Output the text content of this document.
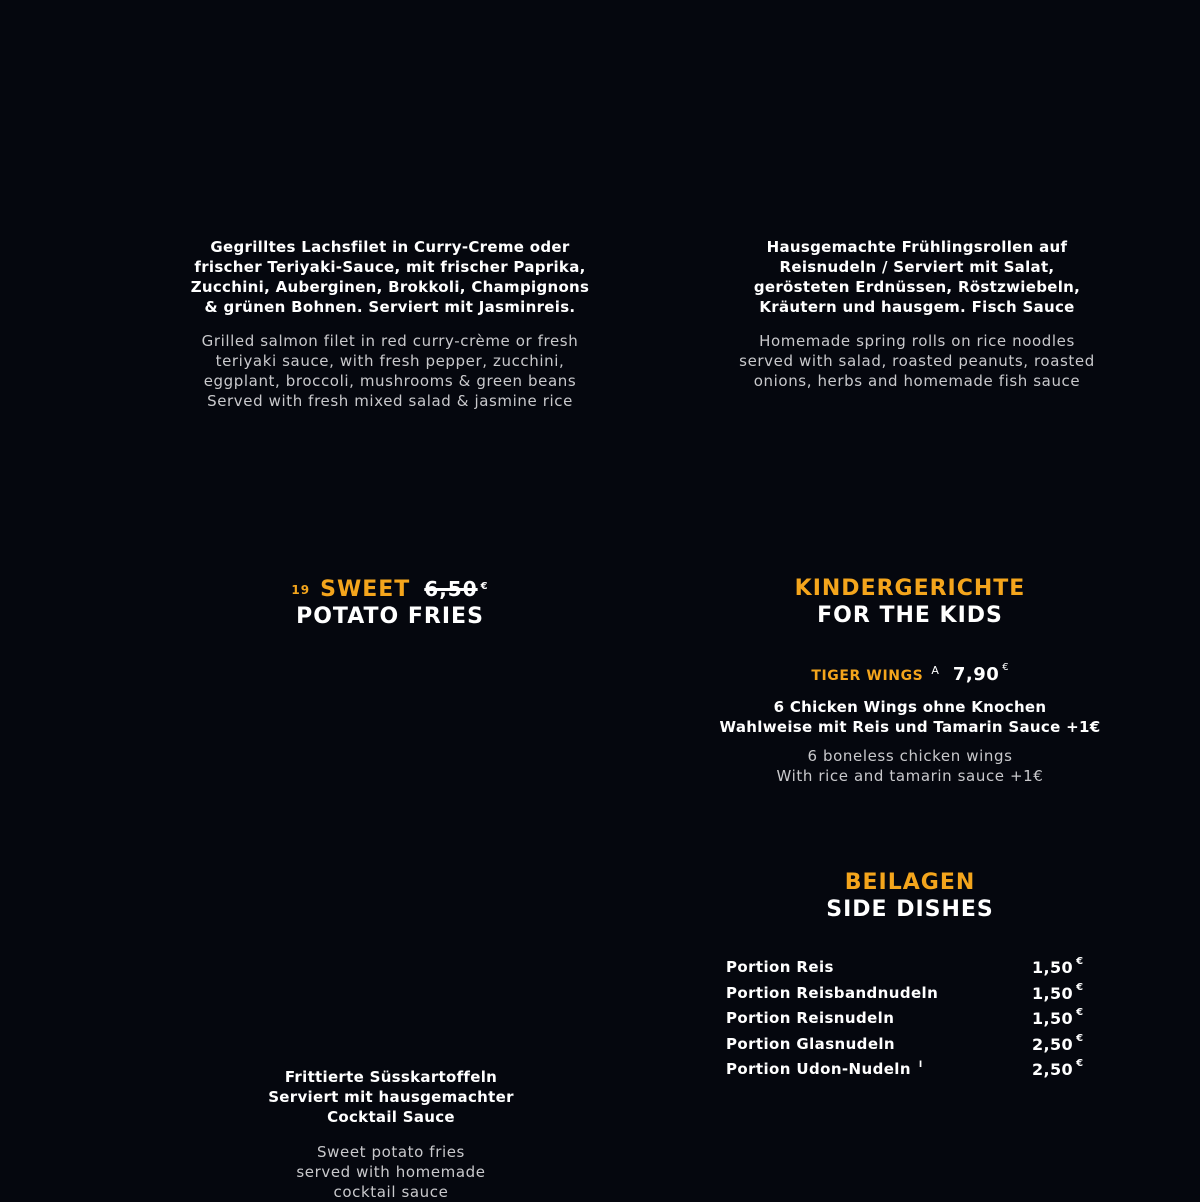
Gegrilltes Lachsfilet in Curry-Creme oder
frischer Teriyaki-Sauce, mit frischer Paprika,
Zucchini, Auberginen, Brokkoli, Champignons
& grünen Bohnen. Serviert mit Jasminreis.
Grilled salmon filet in red curry-crème or fresh
teriyaki sauce, with fresh pepper, zucchini,
eggplant, broccoli, mushrooms & green beans
Served with fresh mixed salad & jasmine rice
Hausgemachte Frühlingsrollen auf
Reisnudeln / Serviert mit Salat,
gerösteten Erdnüssen, Röstzwiebeln,
Kräutern und hausgem. Fisch Sauce
Homemade spring rolls on rice noodles
served with salad, roasted peanuts, roasted
onions, herbs and homemade fish sauce
19 SWEET 6,50 €
POTATO FRIES
KINDERGERICHTE
FOR THE KIDS
TIGER WINGS $^A$ 7,90 €
6 Chicken Wings ohne Knochen
Wahlweise mit Reis und Tamarin Sauce +1€
6 boneless chicken wings
With rice and tamarin sauce +1€
BEILAGEN
SIDE DISHES
Portion Reis	1,50 €
Portion Reisbandnudeln	1,50 €
Portion Reisnudeln	1,50 €
Portion Glasnudeln	2,50 €
Portion Udon-Nudeln $^I$	2,50 €
Frittierte Süsskartoffeln
Serviert mit hausgemachter
Cocktail Sauce
Sweet potato fries
served with homemade
cocktail sauce
